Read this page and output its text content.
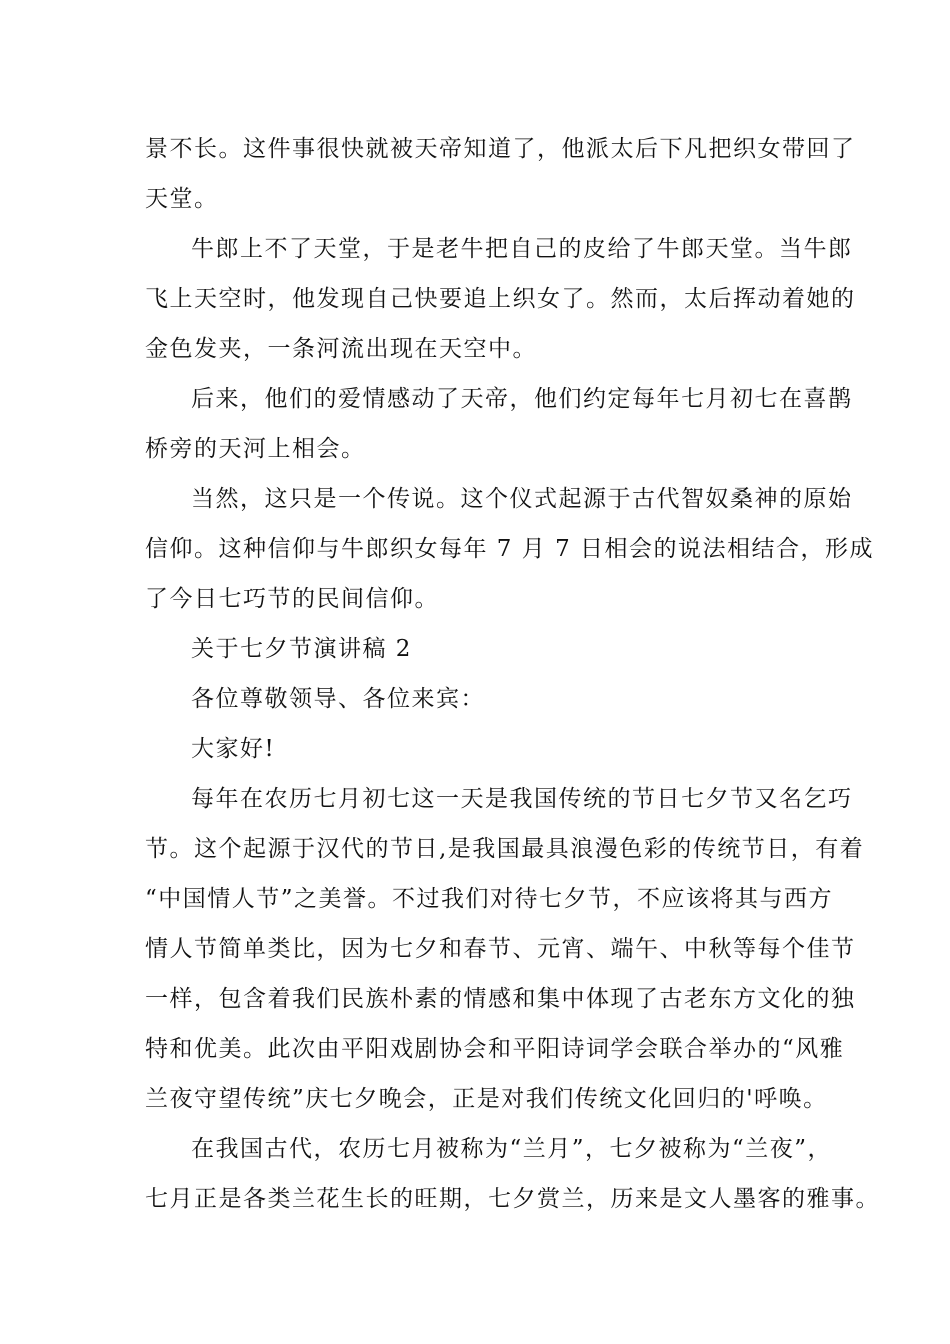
景不长。这件事很快就被天帝知道了，他派太后下凡把织女带回了
天堂。
牛郎上不了天堂，于是老牛把自己的皮给了牛郎天堂。当牛郎
飞上天空时，他发现自己快要追上织女了。然而，太后挥动着她的
金色发夹，一条河流出现在天空中。
后来，他们的爱情感动了天帝，他们约定每年七月初七在喜鹊
桥旁的天河上相会。
当然，这只是一个传说。这个仪式起源于古代智奴桑神的原始
信仰。这种信仰与牛郎织女每年 7 月 7 日相会的说法相结合，形成
了今日七巧节的民间信仰。
关于七夕节演讲稿 2
各位尊敬领导、各位来宾：
大家好!
每年在农历七月初七这一天是我国传统的节日七夕节又名乞巧
节。这个起源于汉代的节日,是我国最具浪漫色彩的传统节日，有着
“中国情人节”之美誉。不过我们对待七夕节，不应该将其与西方
情人节简单类比，因为七夕和春节、元宵、端午、中秋等每个佳节
一样，包含着我们民族朴素的情感和集中体现了古老东方文化的独
特和优美。此次由平阳戏剧协会和平阳诗词学会联合举办的“风雅
兰夜守望传统”庆七夕晚会，正是对我们传统文化回归的'呼唤。
在我国古代，农历七月被称为“兰月”，七夕被称为“兰夜”，
七月正是各类兰花生长的旺期，七夕赏兰，历来是文人墨客的雅事。
